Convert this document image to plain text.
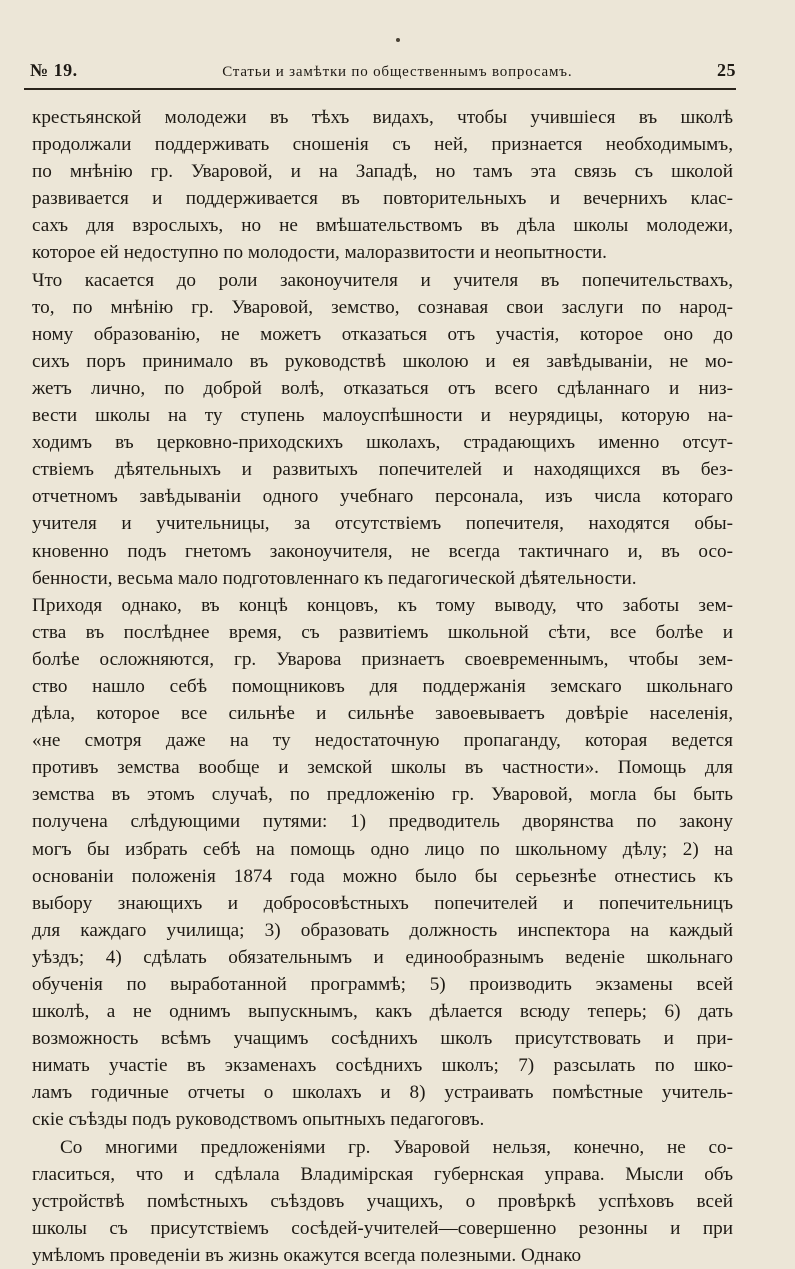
№ 19.	Статьи и замѣтки по общественнымъ вопросамъ.	25
крестьянской молодежи въ тѣхъ видахъ, чтобы учившіеся въ школѣ
продолжали поддерживать сношенія съ ней, признается необходимымъ,
по мнѣнію гр. Уваровой, и на Западѣ, но тамъ эта связь съ школой
развивается и поддерживается въ повторительныхъ и вечернихъ клас-
сахъ для взрослыхъ, но не вмѣшательствомъ въ дѣла школы молодежи,
которое ей недоступно по молодости, малоразвитости и неопытности.
Что касается до роли законоучителя и учителя въ попечительствахъ,
то, по мнѣнію гр. Уваровой, земство, сознавая свои заслуги по народ-
ному образованію, не можетъ отказаться отъ участія, которое оно до
сихъ поръ принимало въ руководствѣ школою и ея завѣдываніи, не мо-
жетъ лично, по доброй волѣ, отказаться отъ всего сдѣланнаго и низ-
вести школы на ту ступень малоуспѣшности и неурядицы, которую на-
ходимъ въ церковно-приходскихъ школахъ, страдающихъ именно отсут-
ствіемъ дѣятельныхъ и развитыхъ попечителей и находящихся въ без-
отчетномъ завѣдываніи одного учебнаго персонала, изъ числа котораго
учителя и учительницы, за отсутствіемъ попечителя, находятся обы-
кновенно подъ гнетомъ законоучителя, не всегда тактичнаго и, въ осо-
бенности, весьма мало подготовленнаго къ педагогической дѣятельности.
Приходя однако, въ концѣ концовъ, къ тому выводу, что заботы зем-
ства въ послѣднее время, съ развитіемъ школьной сѣти, все болѣе и
болѣе осложняются, гр. Уварова признаетъ своевременнымъ, чтобы зем-
ство нашло себѣ помощниковъ для поддержанія земскаго школьнаго
дѣла, которое все сильнѣе и сильнѣе завоевываетъ довѣріе населенія,
«не смотря даже на ту недостаточную пропаганду, которая ведется
противъ земства вообще и земской школы въ частности». Помощь для
земства въ этомъ случаѣ, по предложенію гр. Уваровой, могла бы быть
получена слѣдующими путями: 1) предводитель дворянства по закону
могъ бы избрать себѣ на помощь одно лицо по школьному дѣлу; 2) на
основаніи положенія 1874 года можно было бы серьезнѣе отнестись къ
выбору знающихъ и добросовѣстныхъ попечителей и попечительницъ
для каждаго училища; 3) образовать должность инспектора на каждый
уѣздъ; 4) сдѣлать обязательнымъ и единообразнымъ веденіе школьнаго
обученія по выработанной программѣ; 5) производить экзамены всей
школѣ, а не однимъ выпускнымъ, какъ дѣлается всюду теперь; 6) дать
возможность всѣмъ учащимъ сосѣднихъ школъ присутствовать и при-
нимать участіе въ экзаменахъ сосѣднихъ школъ; 7) разсылать по шко-
ламъ годичные отчеты о школахъ и 8) устраивать помѣстные учитель-
скіе съѣзды подъ руководствомъ опытныхъ педагоговъ.
Со многими предложеніями гр. Уваровой нельзя, конечно, не со-
гласиться, что и сдѣлала Владимірская губернская управа. Мысли объ
устройствѣ помѣстныхъ съѣздовъ учащихъ, о провѣркѣ успѣховъ всей
школы съ присутствіемъ сосѣдей-учителей—совершенно резонны и при
умѣломъ проведеніи въ жизнь окажутся всегда полезными. Однако
